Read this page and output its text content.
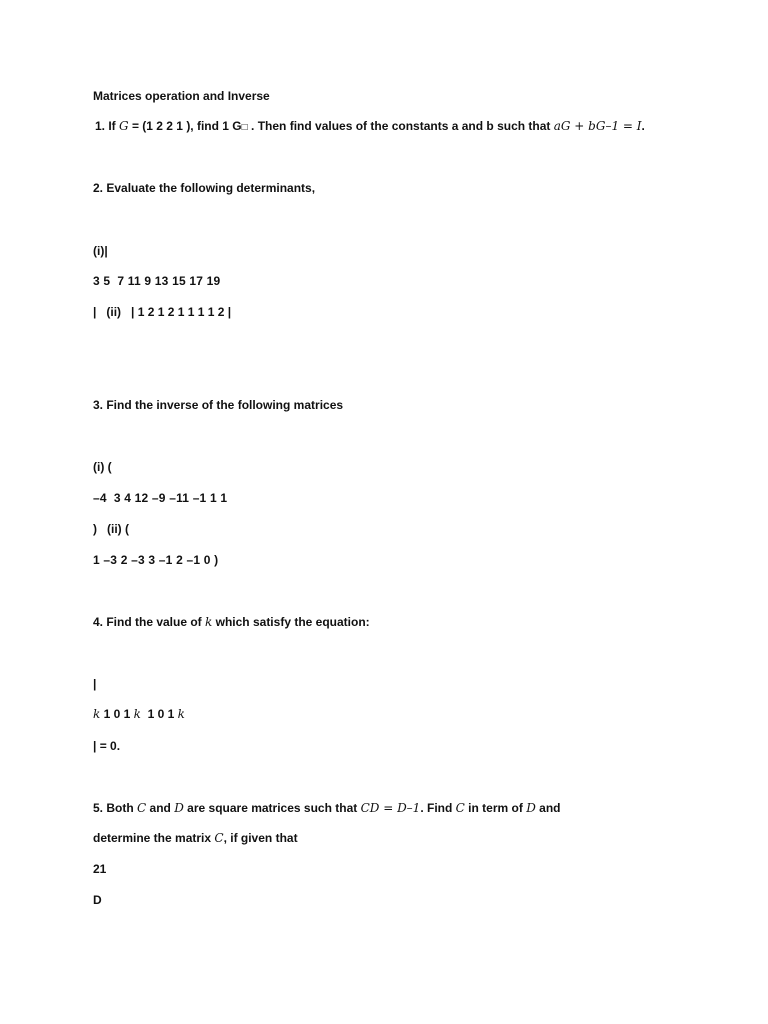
Matrices operation and Inverse
1. If G = (1 2 2 1 ), find 1 G□ . Then find values of the constants a and b such that aG + bG–1 = I.
2. Evaluate the following determinants,
(i)|
3 5  7 11 9 13 15 17 19
|   (ii)   | 1 2 1 2 1 1 1 1 2 |
3. Find the inverse of the following matrices
(i) (
–4  3 4 12 –9 –11 –1 1 1
)   (ii) (
1 –3 2 –3 3 –1 2 –1 0 )
4. Find the value of k which satisfy the equation:
|
k 1 0 1 k  1 0 1 k
| = 0.
5. Both C and D are square matrices such that CD = D–1. Find C in term of D and
determine the matrix C, if given that
21
D
